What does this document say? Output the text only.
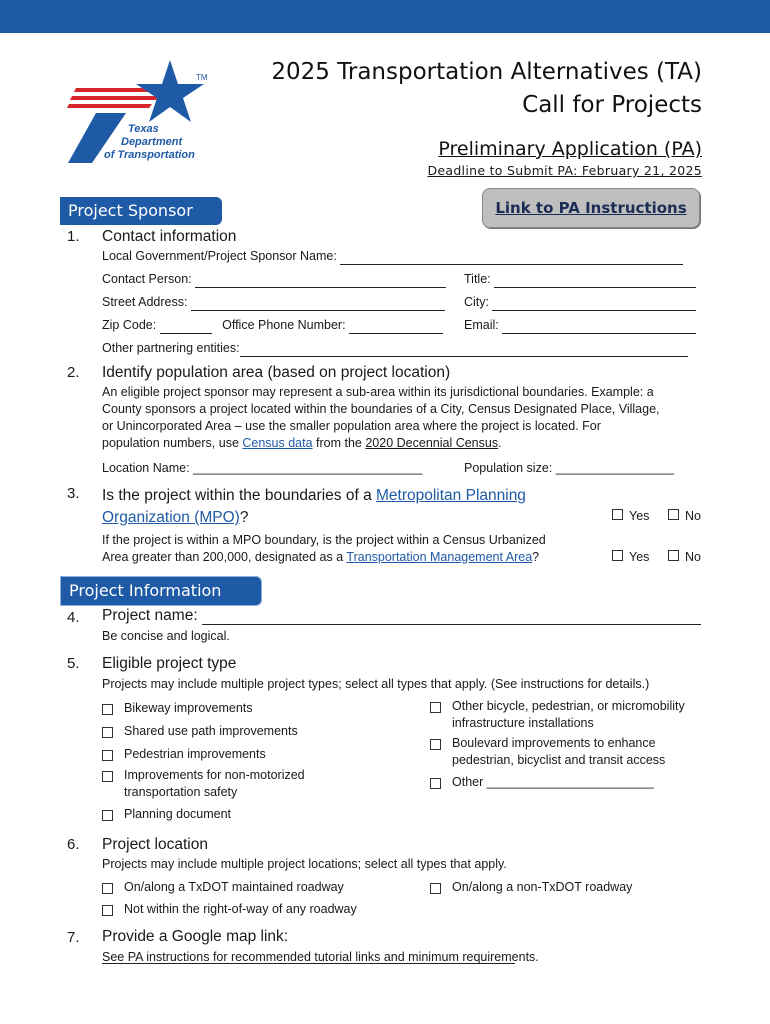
TM
Texas
Department
of Transportation
2025 Transportation Alternatives (TA)
Call for Projects
Preliminary Application (PA)
Deadline to Submit PA: February 21, 2025
Project Sponsor	Link to PA Instructions
1. Contact information
Local Government/Project Sponsor Name:
Contact Person:	Title:
Street Address:	City:
Zip Code:	Office Phone Number:	Email:
Other partnering entities:
2. Identify population area (based on project location)
An eligible project sponsor may represent a sub-area within its jurisdictional boundaries. Example: a
County sponsors a project located within the boundaries of a City, Census Designated Place, Village,
or Unincorporated Area – use the smaller population area where the project is located. For
population numbers, use Census data from the 2020 Decennial Census.
Location Name: _________________________________	Population size: _________________
3. Is the project within the boundaries of a Metropolitan Planning
Organization (MPO)?	Yes	No
If the project is within a MPO boundary, is the project within a Census Urbanized
Area greater than 200,000, designated as a Transportation Management Area?	Yes	No
Project Information
4. Project name:
Be concise and logical.
5. Eligible project type
Projects may include multiple project types; select all types that apply. (See instructions for details.)
Bikeway improvements
Shared use path improvements
Pedestrian improvements
Improvements for non-motorized transportation safety
Planning document
Other bicycle, pedestrian, or micromobility infrastructure installations
Boulevard improvements to enhance pedestrian, bicyclist and transit access
Other ________________________
6. Project location
Projects may include multiple project locations; select all types that apply.
On/along a TxDOT maintained roadway	On/along a non-TxDOT roadway
Not within the right-of-way of any roadway
7. Provide a Google map link:
See PA instructions for recommended tutorial links and minimum requirements.
